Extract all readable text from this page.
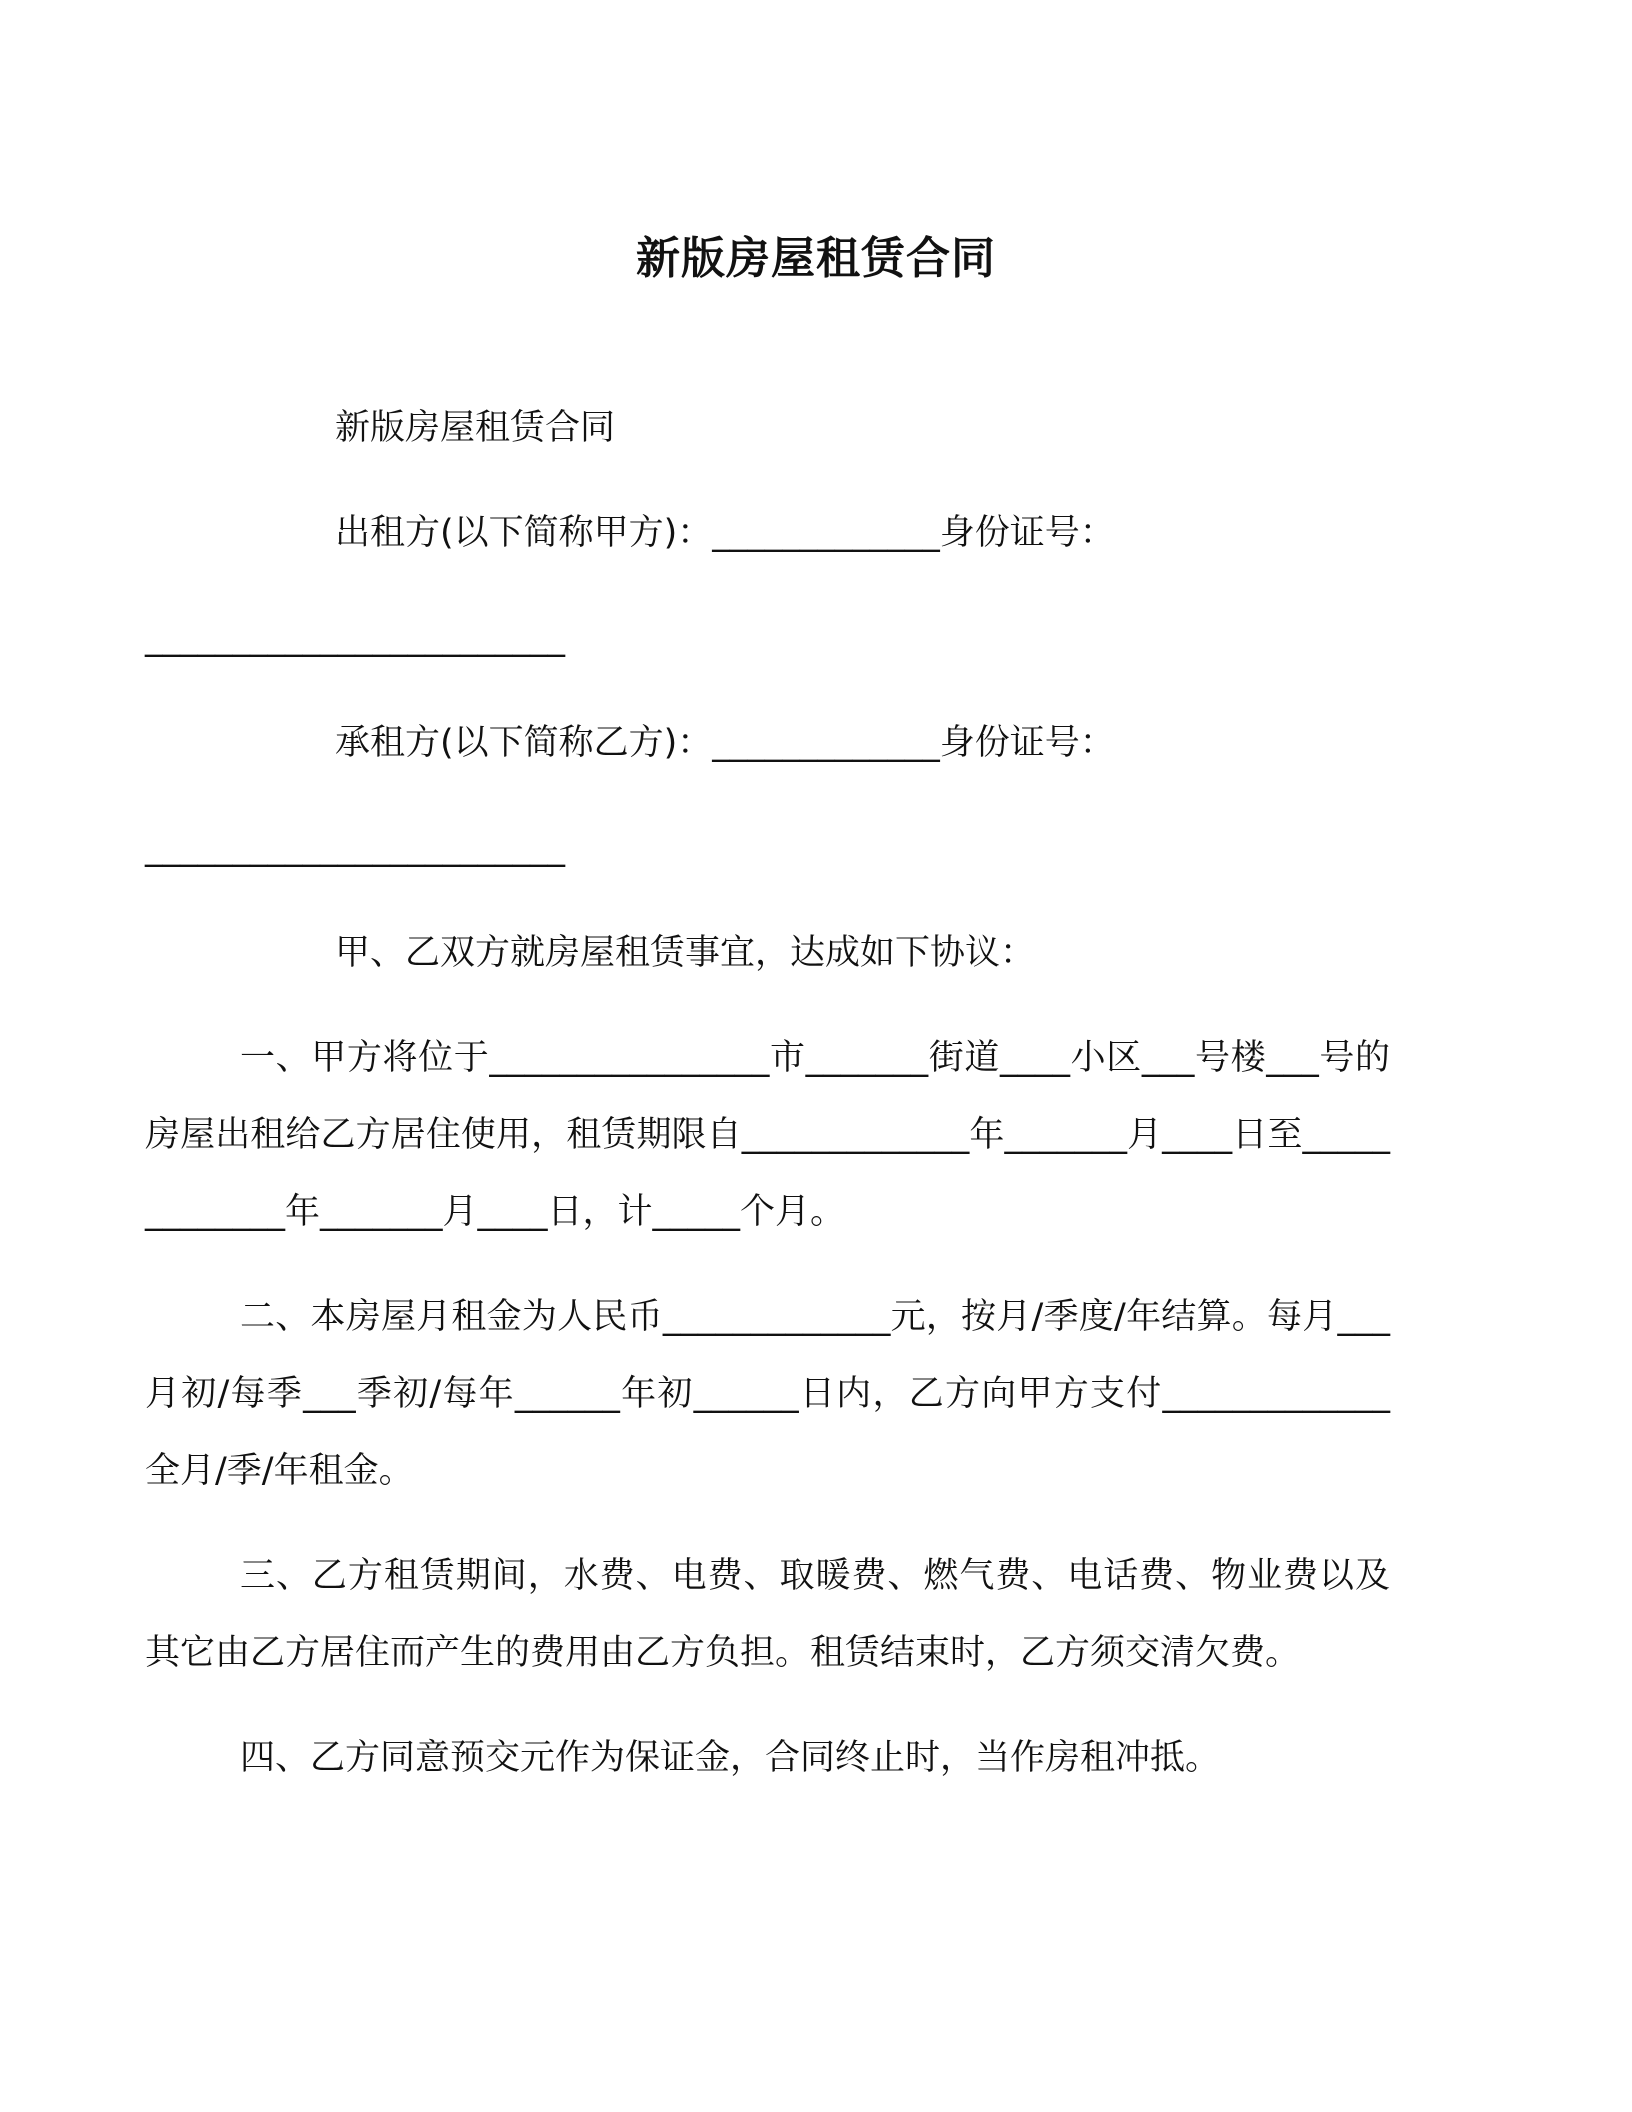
新版房屋租赁合同

新版房屋租赁合同

出租方(以下简称甲方)：_____________身份证号：

________________________

承租方(以下简称乙方)：_____________身份证号：

________________________

甲、乙双方就房屋租赁事宜，达成如下协议：

一、甲方将位于________________市_______街道____小区___号楼___号的房屋出租给乙方居住使用，租赁期限自_____________年_______月____日至_____________年_______月____日，计_____个月。

二、本房屋月租金为人民币_____________元，按月/季度/年结算。每月___月初/每季___季初/每年______年初______日内，乙方向甲方支付_____________全月/季/年租金。

三、乙方租赁期间，水费、电费、取暖费、燃气费、电话费、物业费以及其它由乙方居住而产生的费用由乙方负担。租赁结束时，乙方须交清欠费。

四、乙方同意预交元作为保证金，合同终止时，当作房租冲抵。
